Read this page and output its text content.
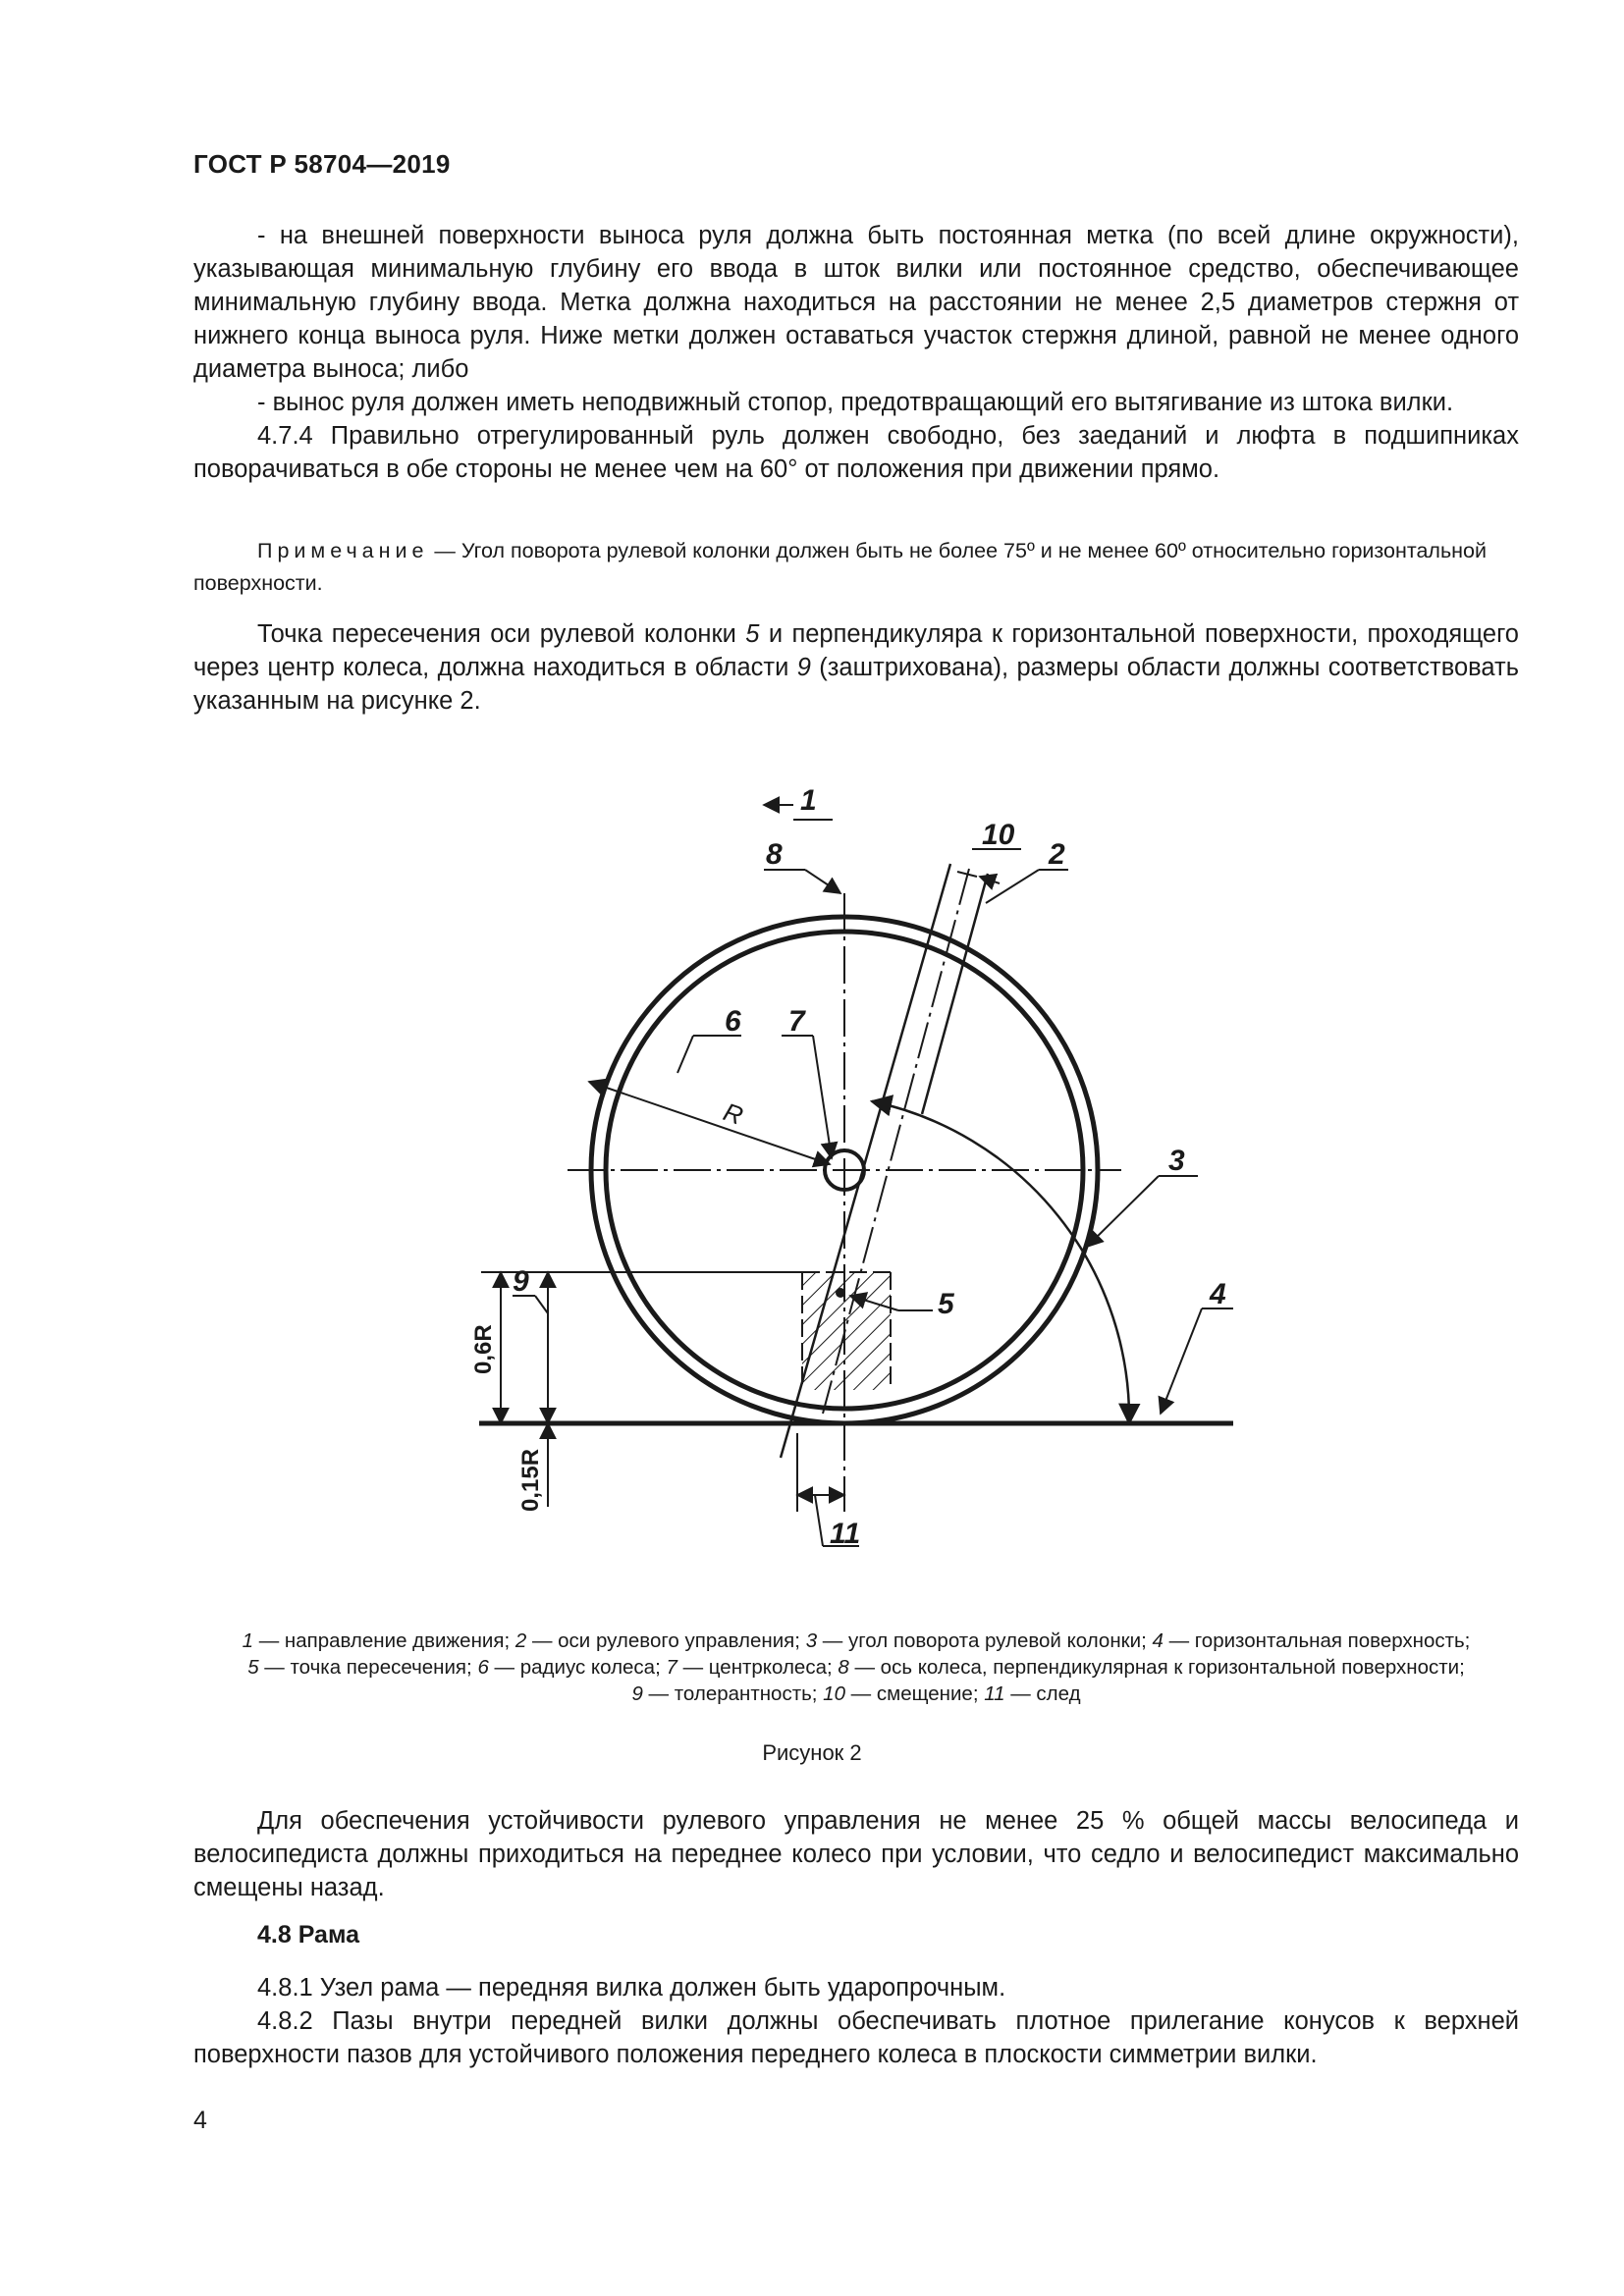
ГОСТ Р 58704—2019

- на внешней поверхности выноса руля должна быть постоянная метка (по всей длине окружности), указывающая минимальную глубину его ввода в шток вилки или постоянное средство, обеспечивающее минимальную глубину ввода. Метка должна находиться на расстоянии не менее 2,5 диаметров стержня от нижнего конца выноса руля. Ниже метки должен оставаться участок стержня длиной, равной не менее одного диаметра выноса; либо

- вынос руля должен иметь неподвижный стопор, предотвращающий его вытягивание из штока вилки.

4.7.4 Правильно отрегулированный руль должен свободно, без заеданий и люфта в подшипниках поворачиваться в обе стороны не менее чем на 60° от положения при движении прямо.

Примечание — Угол поворота рулевой колонки должен быть не более 75º и не менее 60º относительно горизонтальной поверхности.

Точка пересечения оси рулевой колонки 5 и перпендикуляра к горизонтальной поверхности, проходящего через центр колеса, должна находиться в области 9 (заштрихована), размеры области должны соответствовать указанным на рисунке 2.

1
8
10
2
6 7
3
5	4
9
11
R
0,6R
0,15R
1 — направление движения; 2 — оси рулевого управления; 3 — угол поворота рулевой колонки; 4 — горизонтальная поверхность;
5 — точка пересечения; 6 — радиус колеса; 7 — центрколеса; 8 — ось колеса, перпендикулярная к горизонтальной поверхности;
9 — толерантность; 10 — смещение; 11 — след
Рисунок 2

Для обеспечения устойчивости рулевого управления не менее 25 % общей массы велосипеда и велосипедиста должны приходиться на переднее колесо при условии, что седло и велосипедист максимально смещены назад.

4.8 Рама

4.8.1 Узел рама — передняя вилка должен быть ударопрочным.

4.8.2 Пазы внутри передней вилки должны обеспечивать плотное прилегание конусов к верхней поверхности пазов для устойчивого положения переднего колеса в плоскости симметрии вилки.

4
